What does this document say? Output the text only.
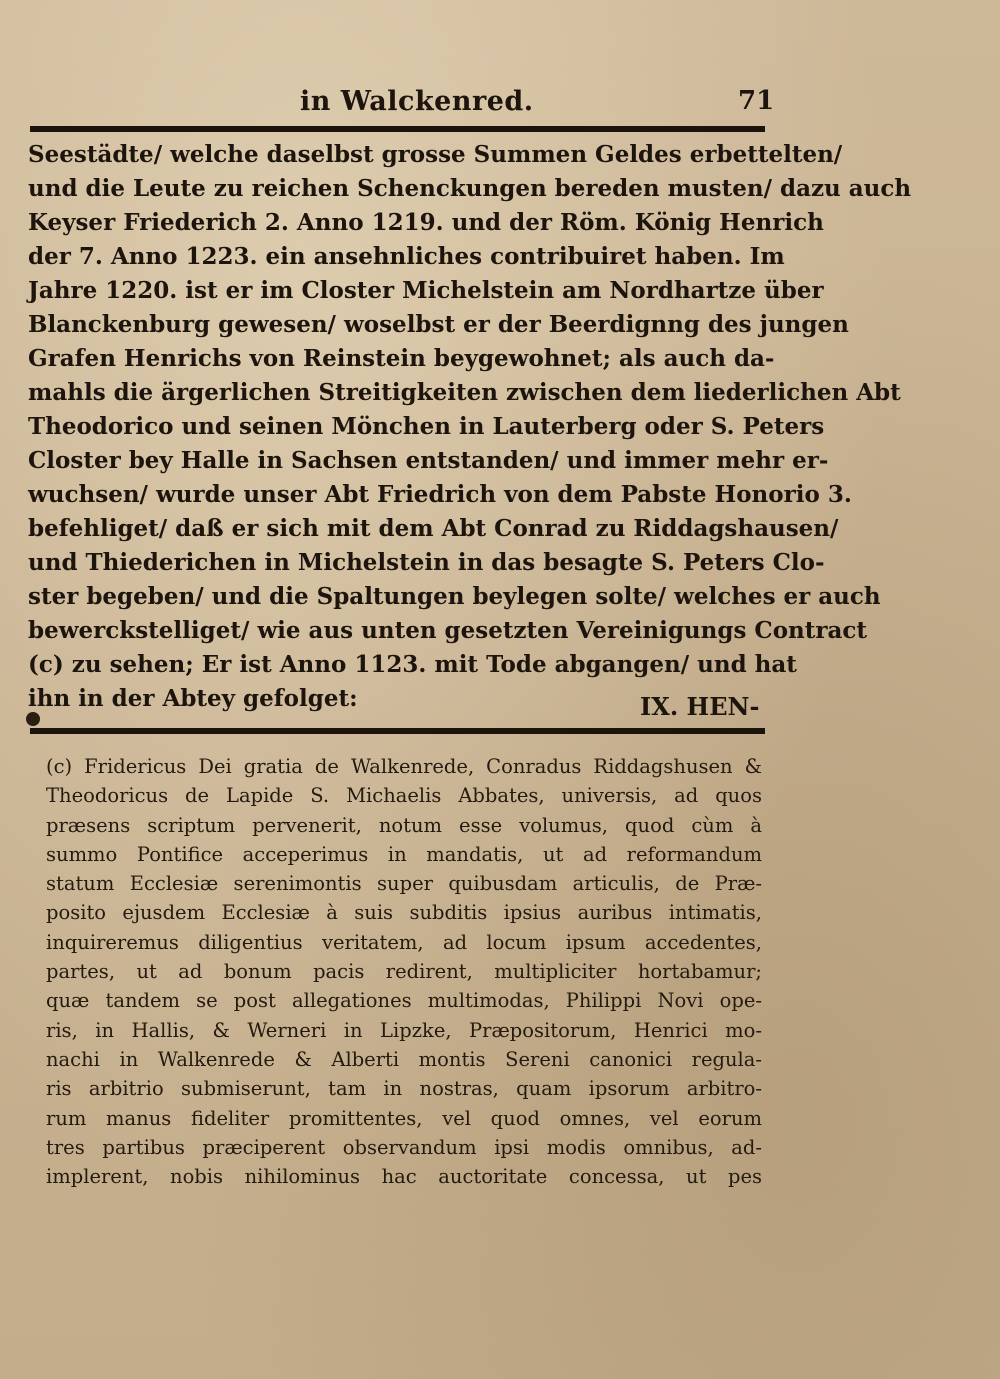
in Walckenred.	71
Seestädte/ welche daselbst grosse Summen Geldes erbettelten/
und die Leute zu reichen Schenckungen bereden musten/ dazu auch
Keyser Friederich 2. Anno 1219. und der Röm. König Henrich
der 7. Anno 1223. ein ansehnliches contribuiret haben. Im
Jahre 1220. ist er im Closter Michelstein am Nordhartze über
Blanckenburg gewesen/ woselbst er der Beerdignng des jungen
Grafen Henrichs von Reinstein beygewohnet; als auch da-
mahls die ärgerlichen Streitigkeiten zwischen dem liederlichen Abt
Theodorico und seinen Mönchen in Lauterberg oder S. Peters
Closter bey Halle in Sachsen entstanden/ und immer mehr er-
wuchsen/ wurde unser Abt Friedrich von dem Pabste Honorio 3.
befehliget/ daß er sich mit dem Abt Conrad zu Riddagshausen/
und Thiederichen in Michelstein in das besagte S. Peters Clo-
ster begeben/ und die Spaltungen beylegen solte/ welches er auch
bewerckstelliget/ wie aus unten gesetzten Vereinigungs Contract
(c) zu sehen; Er ist Anno 1123. mit Tode abgangen/ und hat
ihn in der Abtey gefolget:	IX. HEN-
(c) Fridericus Dei gratia de Walkenrede, Conradus Riddagshusen &
Theodoricus de Lapide S. Michaelis Abbates, universis, ad quos
præsens scriptum pervenerit, notum esse volumus, quod cùm à
summo Pontifice acceperimus in mandatis, ut ad reformandum
statum Ecclesiæ serenimontis super quibusdam articulis, de Præ-
posito ejusdem Ecclesiæ à suis subditis ipsius auribus intimatis,
inquireremus diligentius veritatem, ad locum ipsum accedentes,
partes, ut ad bonum pacis redirent, multipliciter hortabamur;
quæ tandem se post allegationes multimodas, Philippi Novi ope-
ris, in Hallis, & Werneri in Lipzke, Præpositorum, Henrici mo-
nachi in Walkenrede & Alberti montis Sereni canonici regula-
ris arbitrio submiserunt, tam in nostras, quam ipsorum arbitro-
rum manus fideliter promittentes, vel quod omnes, vel eorum
tres partibus præciperent observandum ipsi modis omnibus, ad-
implerent, nobis nihilominus hac auctoritate concessa, ut pes
